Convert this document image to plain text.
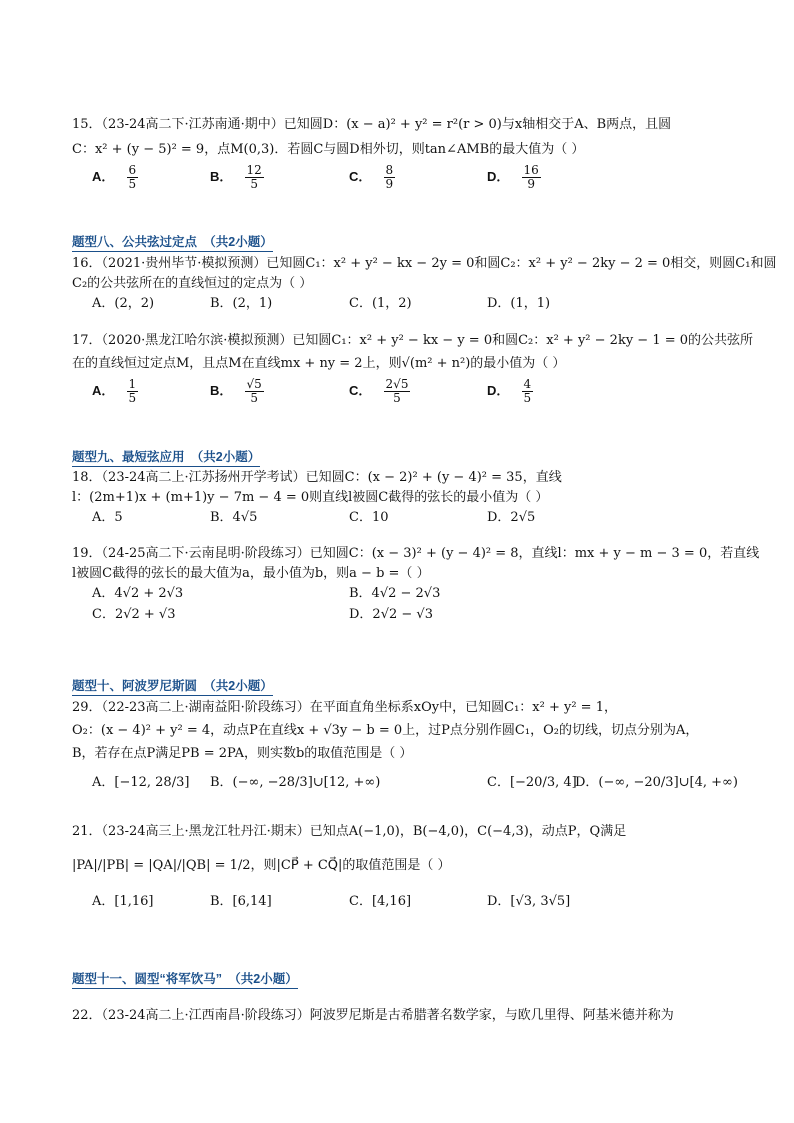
15．（23-24高二下·江苏南通·期中）已知圆D：(x − a)² + y² = r²(r > 0)与x轴相交于A、B两点，且圆
C：x² + (y − 5)² = 9，点M(0,3)．若圆C与圆D相外切，则tan∠AMB的最大值为（ ）
A． $\frac{6}{5}$	B． $\frac{12}{5}$	C． $\frac{8}{9}$	D． $\frac{16}{9}$
题型八、公共弦过定点　（共2小题）
16．（2021·贵州毕节·模拟预测）已知圆C₁：x² + y² − kx − 2y = 0和圆C₂：x² + y² − 2ky − 2 = 0相交，则圆C₁和圆
C₂的公共弦所在的直线恒过的定点为（ ）
A．(2，2)	B．(2，1)	C．(1，2)	D．(1，1)
17．（2020·黑龙江哈尔滨·模拟预测）已知圆C₁：x² + y² − kx − y = 0和圆C₂：x² + y² − 2ky − 1 = 0的公共弦所
在的直线恒过定点M，且点M在直线mx + ny = 2上，则√(m² + n²)的最小值为（ ）
A． $\frac{1}{5}$	B． $\frac{√5}{5}$	C． $\frac{2√5}{5}$	D． $\frac{4}{5}$
题型九、最短弦应用　（共2小题）
18．（23-24高二上·江苏扬州开学考试）已知圆C：(x − 2)² + (y − 4)² = 35，直线
l：(2m+1)x + (m+1)y − 7m − 4 = 0则直线l被圆C截得的弦长的最小值为（ ）
A．5	B．4√5	C．10	D．2√5
19．（24-25高二下·云南昆明·阶段练习）已知圆C：(x − 3)² + (y − 4)² = 8，直线l：mx + y − m − 3 = 0，若直线
l被圆C截得的弦长的最大值为a，最小值为b，则a − b =（ ）
A．4√2 + 2√3	B．4√2 − 2√3
C．2√2 + √3	D．2√2 − √3
题型十、阿波罗尼斯圆　（共2小题）
29．（22-23高二上·湖南益阳·阶段练习）在平面直角坐标系xOy中，已知圆C₁：x² + y² = 1，
O₂：(x − 4)² + y² = 4，动点P在直线x + √3y − b = 0上，过P点分别作圆C₁，O₂的切线，切点分别为A，
B，若存在点P满足PB = 2PA，则实数b的取值范围是（ ）
A．[−12, 28/3] B．(−∞, −28/3]∪[12, +∞)	C．[−20/3, 4]
D．(−∞, −20/3]∪[4, +∞)
21．（23-24高三上·黑龙江牡丹江·期末）已知点A(−1,0)，B(−4,0)，C(−4,3)，动点P，Q满足
|PA|/|PB| = |QA|/|QB| = 1/2，则|CP⃗ + CQ⃗|的取值范围是（ ）
A．[1,16]	B．[6,14]	C．[4,16]	D．[√3, 3√5]
题型十一、圆型“将军饮马”　（共2小题）
22．（23-24高二上·江西南昌·阶段练习）阿波罗尼斯是古希腊著名数学家，与欧几里得、阿基米德并称为
